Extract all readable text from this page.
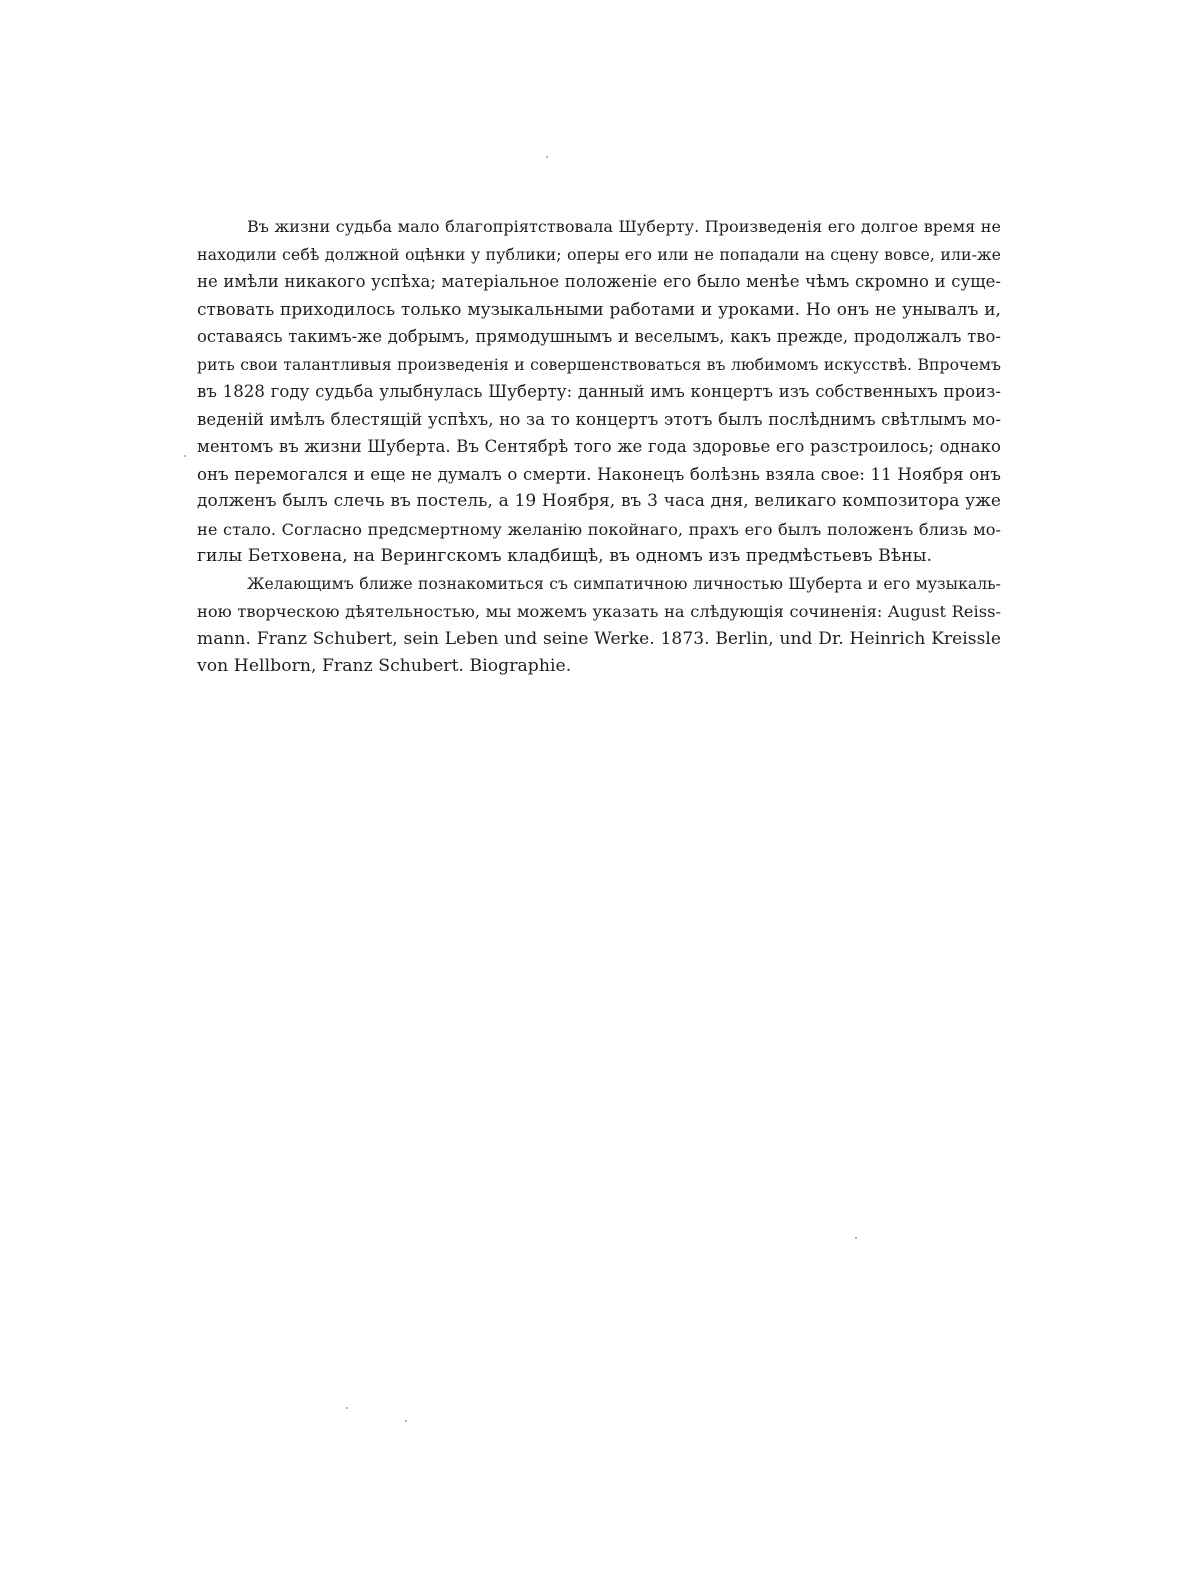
Въ жизни судьба мало благопріятствовала Шуберту. Произведенія его долгое время не
находили себѣ должной оцѣнки у публики; оперы его или не попадали на сцену вовсе, или-же
не имѣли никакого успѣха; матеріальное положеніе его было менѣе чѣмъ скромно и суще-
ствовать приходилось только музыкальными работами и уроками. Но онъ не унывалъ и,
оставаясь такимъ-же добрымъ, прямодушнымъ и веселымъ, какъ прежде, продолжалъ тво-
рить свои талантливыя произведенія и совершенствоваться въ любимомъ искусствѣ. Впрочемъ
въ 1828 году судьба улыбнулась Шуберту: данный имъ концертъ изъ собственныхъ произ-
веденій имѣлъ блестящій успѣхъ, но за то концертъ этотъ былъ послѣднимъ свѣтлымъ мо-
ментомъ въ жизни Шуберта. Въ Сентябрѣ того же года здоровье его разстроилось; однако
онъ перемогался и еще не думалъ о смерти. Наконецъ болѣзнь взяла свое: 11 Ноября онъ
долженъ былъ слечь въ постель, а 19 Ноября, въ 3 часа дня, великаго композитора уже
не стало. Согласно предсмертному желанію покойнаго, прахъ его былъ положенъ близь мо-
гилы Бетховена, на Верингскомъ кладбищѣ, въ одномъ изъ предмѣстьевъ Вѣны.
Желающимъ ближе познакомиться съ симпатичною личностью Шуберта и его музыкаль-
ною творческою дѣятельностью, мы можемъ указать на слѣдующія сочиненія: August Reiss-
mann. Franz Schubert, sein Leben und seine Werke. 1873. Berlin, und Dr. Heinrich Kreissle
von Hellborn, Franz Schubert. Biographie.
